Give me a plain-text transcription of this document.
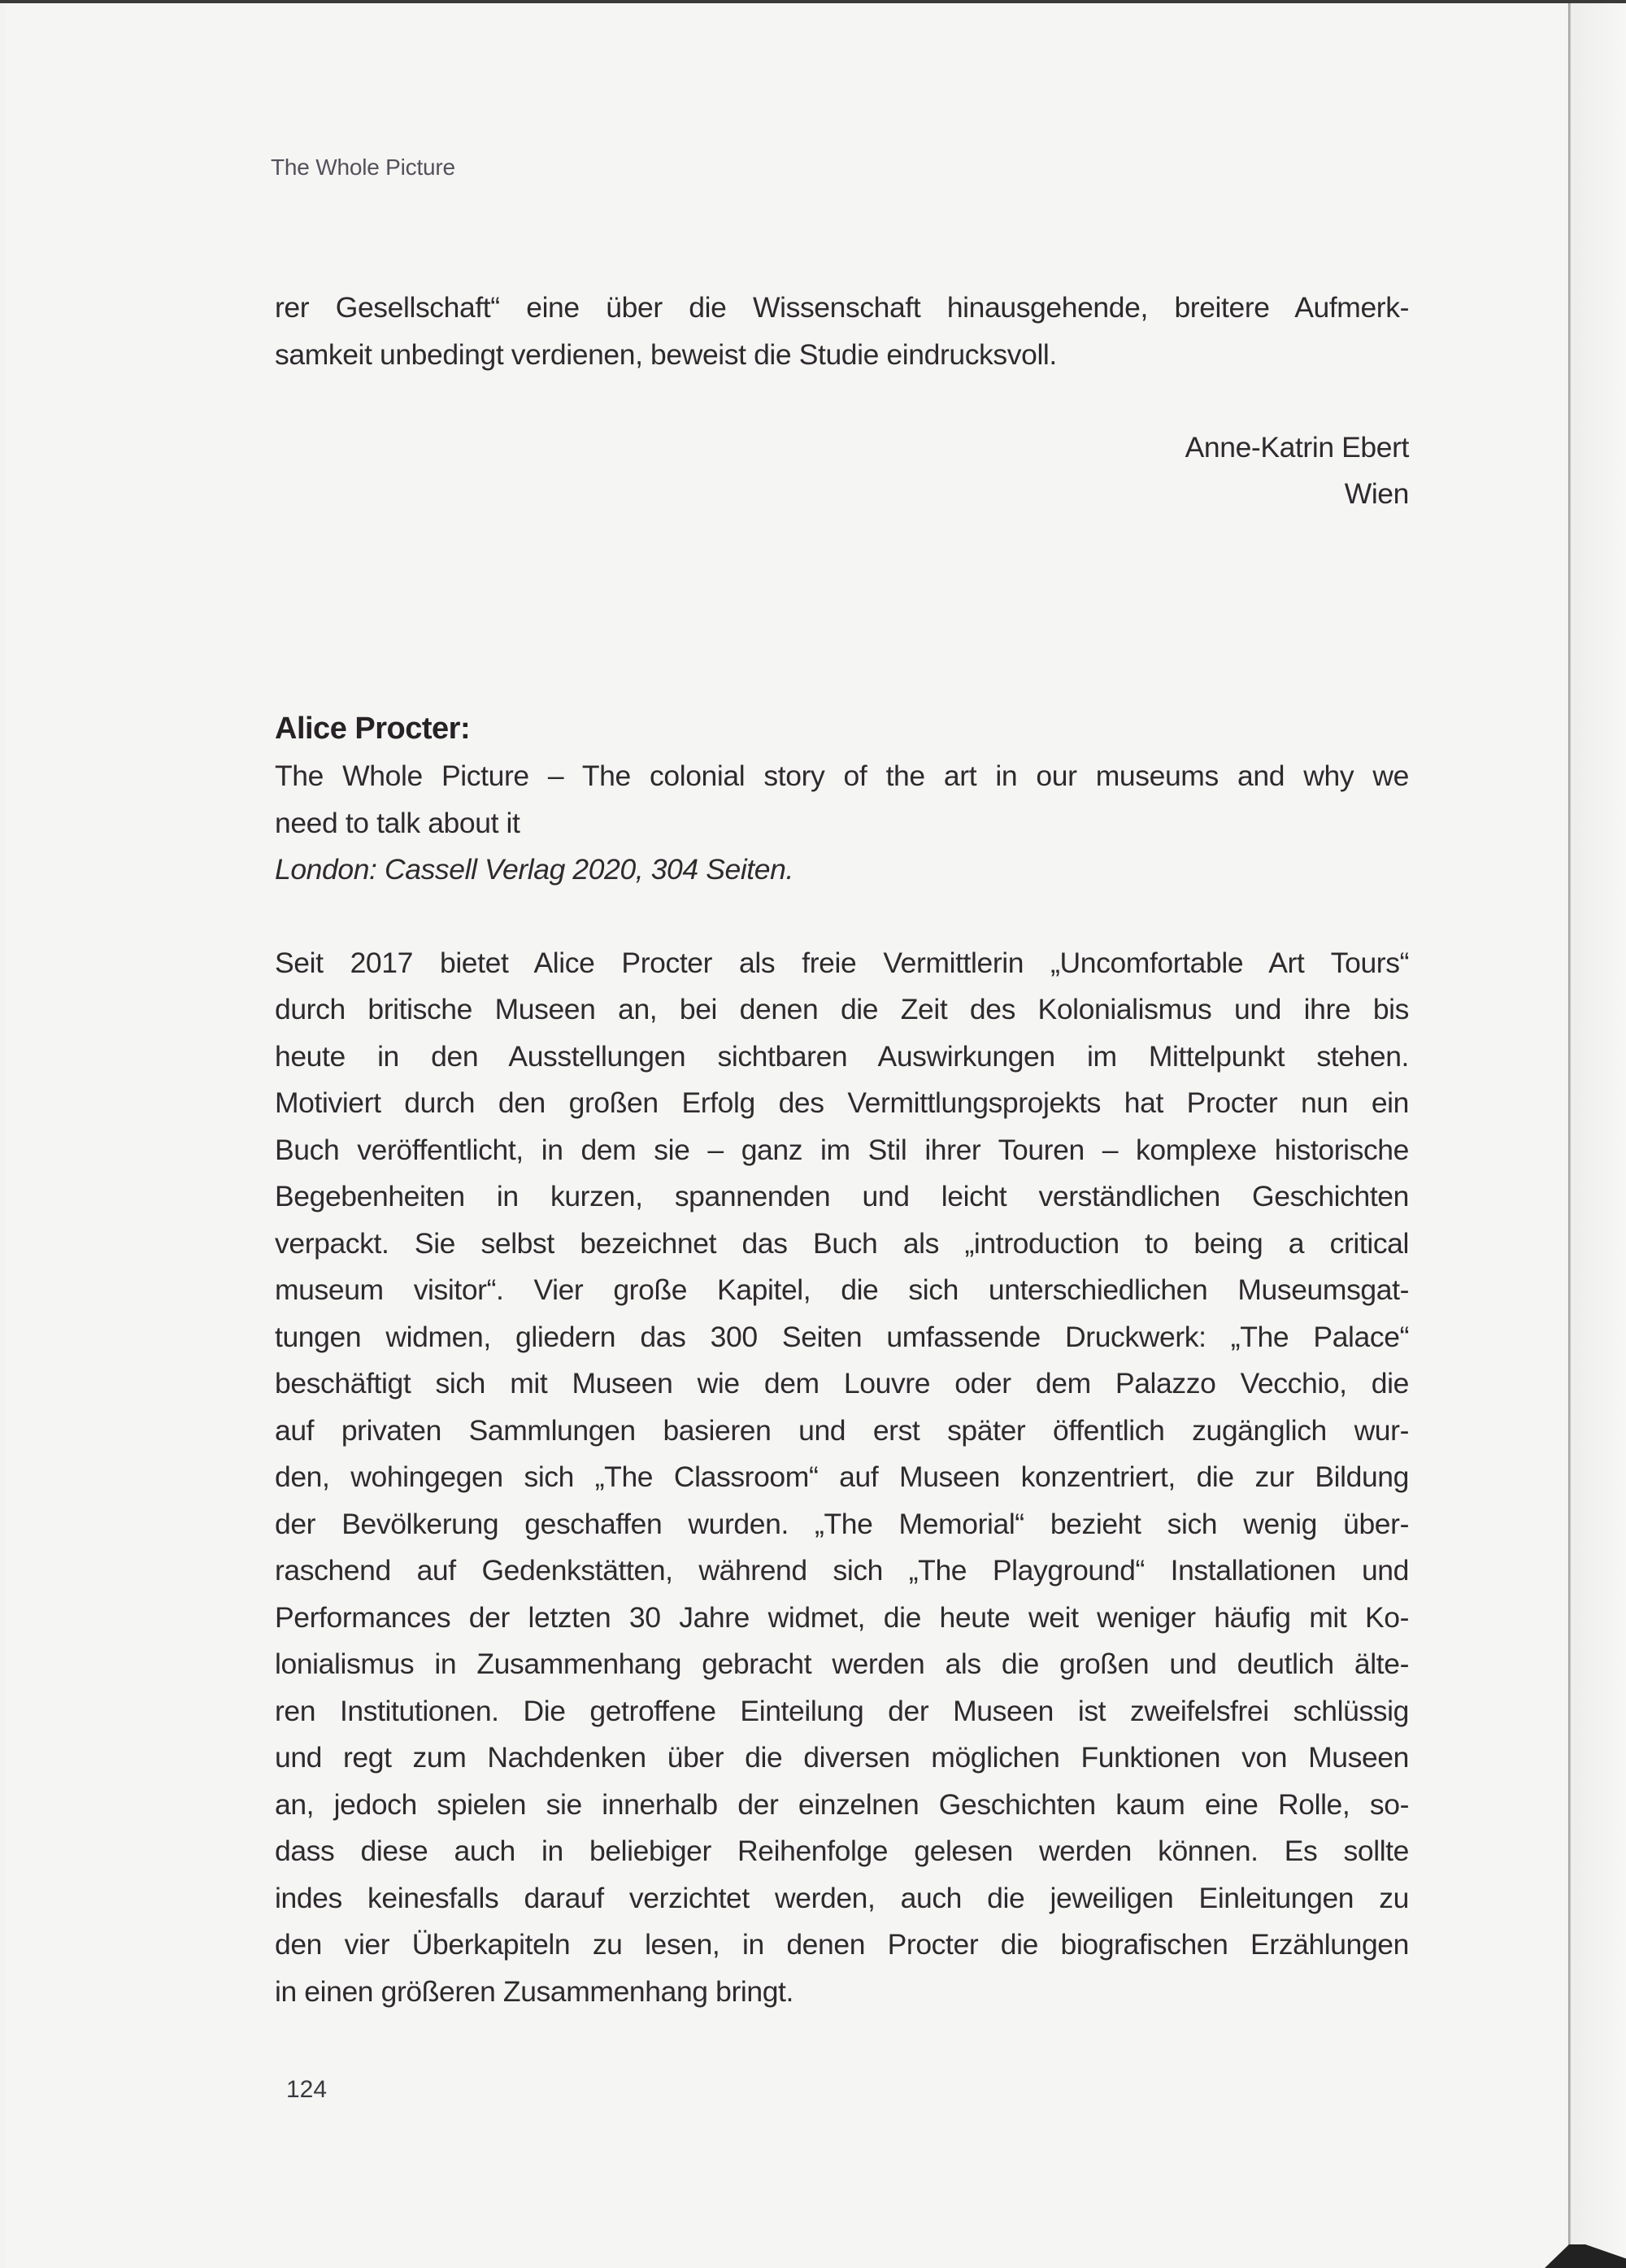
The Whole Picture
rer Gesellschaft“ eine über die Wissenschaft hinausgehende, breitere Aufmerk-
samkeit unbedingt verdienen, beweist die Studie eindrucksvoll.
Anne-Katrin Ebert
Wien
Alice Procter:
The Whole Picture – The colonial story of the art in our museums and why we
need to talk about it
London: Cassell Verlag 2020, 304 Seiten.
Seit 2017 bietet Alice Procter als freie Vermittlerin „Uncomfortable Art Tours“
durch britische Museen an, bei denen die Zeit des Kolonialismus und ihre bis
heute in den Ausstellungen sichtbaren Auswirkungen im Mittelpunkt stehen.
Motiviert durch den großen Erfolg des Vermittlungsprojekts hat Procter nun ein
Buch veröffentlicht, in dem sie – ganz im Stil ihrer Touren – komplexe historische
Begebenheiten in kurzen, spannenden und leicht verständlichen Geschichten
verpackt. Sie selbst bezeichnet das Buch als „introduction to being a critical
museum visitor“. Vier große Kapitel, die sich unterschiedlichen Museumsgat-
tungen widmen, gliedern das 300 Seiten umfassende Druckwerk: „The Palace“
beschäftigt sich mit Museen wie dem Louvre oder dem Palazzo Vecchio, die
auf privaten Sammlungen basieren und erst später öffentlich zugänglich wur-
den, wohingegen sich „The Classroom“ auf Museen konzentriert, die zur Bildung
der Bevölkerung geschaffen wurden. „The Memorial“ bezieht sich wenig über-
raschend auf Gedenkstätten, während sich „The Playground“ Installationen und
Performances der letzten 30 Jahre widmet, die heute weit weniger häufig mit Ko-
lonialismus in Zusammenhang gebracht werden als die großen und deutlich älte-
ren Institutionen. Die getroffene Einteilung der Museen ist zweifelsfrei schlüssig
und regt zum Nachdenken über die diversen möglichen Funktionen von Museen
an, jedoch spielen sie innerhalb der einzelnen Geschichten kaum eine Rolle, so-
dass diese auch in beliebiger Reihenfolge gelesen werden können. Es sollte
indes keinesfalls darauf verzichtet werden, auch die jeweiligen Einleitungen zu
den vier Überkapiteln zu lesen, in denen Procter die biografischen Erzählungen
in einen größeren Zusammenhang bringt.
124
